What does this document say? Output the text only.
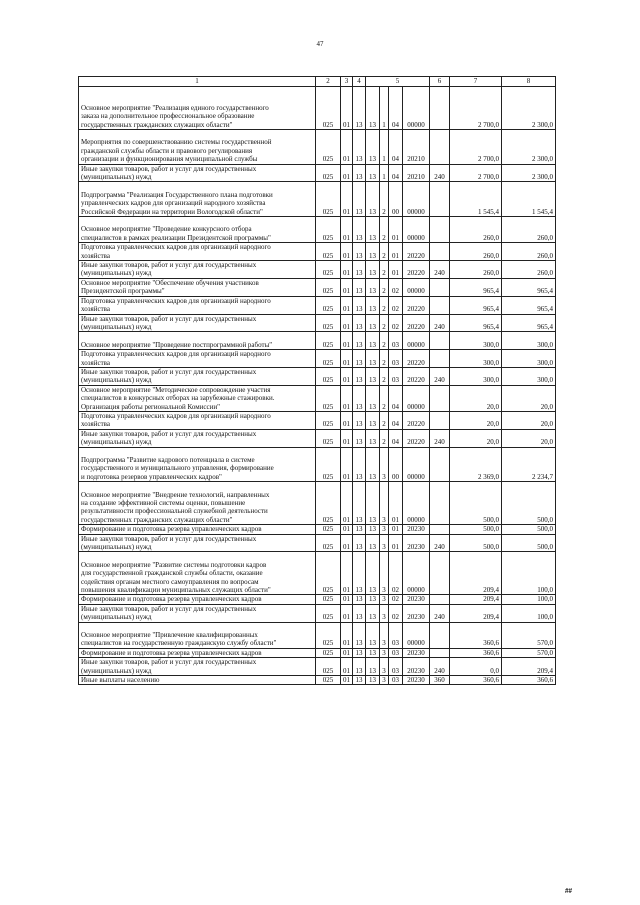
47
1	2	3	4	5				6	7	8

Основное мероприятие "Реализация единого государственного
заказа на дополнительное профессиональное образование
государственных гражданских служащих области"	025	01	13	13	1	04	00000		2 700,0	2 300,0

Мероприятия по совершенствованию системы государственной
гражданской службы области и правового регулирования
организации и функционирования муниципальной службы	025	01	13	13	1	04	20210		2 700,0	2 300,0

Иные закупки товаров, работ и услуг для государственных
(муниципальных) нужд	025	01	13	13	1	04	20210	240	2 700,0	2 300,0

Подпрограмма "Реализация Государственного плана подготовки
управленческих кадров для организаций народного хозяйства
Российской Федерации на территории Вологодской области"	025	01	13	13	2	00	00000		1 545,4	1 545,4

Основное мероприятие "Проведение конкурсного отбора
специалистов в рамках реализации Президентской программы"	025	01	13	13	2	01	00000		260,0	260,0

Подготовка управленческих кадров для организаций народного
хозяйства	025	01	13	13	2	01	20220		260,0	260,0

Иные закупки товаров, работ и услуг для государственных
(муниципальных) нужд	025	01	13	13	2	01	20220	240	260,0	260,0

Основное мероприятие "Обеспечение обучения участников
Президентской программы"	025	01	13	13	2	02	00000		965,4	965,4

Подготовка управленческих кадров для организаций народного
хозяйства	025	01	13	13	2	02	20220		965,4	965,4

Иные закупки товаров, работ и услуг для государственных
(муниципальных) нужд	025	01	13	13	2	02	20220	240	965,4	965,4

Основное мероприятие "Проведение постпрограммной работы"	025	01	13	13	2	03	00000		300,0	300,0

Подготовка управленческих кадров для организаций народного
хозяйства	025	01	13	13	2	03	20220		300,0	300,0

Иные закупки товаров, работ и услуг для государственных
(муниципальных) нужд	025	01	13	13	2	03	20220	240	300,0	300,0

Основное мероприятие "Методическое сопровождение участия
специалистов в конкурсных отборах на зарубежные стажировки.
Организация работы региональной Комиссии"	025	01	13	13	2	04	00000		20,0	20,0

Подготовка управленческих кадров для организаций народного
хозяйства	025	01	13	13	2	04	20220		20,0	20,0

Иные закупки товаров, работ и услуг для государственных
(муниципальных) нужд	025	01	13	13	2	04	20220	240	20,0	20,0

Подпрограмма "Развитие кадрового потенциала в системе
государственного и муниципального управления, формирование
и подготовка резервов управленческих кадров"	025	01	13	13	3	00	00000		2 369,0	2 234,7

Основное мероприятие "Внедрение технологий, направленных
на создание эффективной системы оценки, повышение
результативности профессиональной служебной деятельности
государственных гражданских служащих области"	025	01	13	13	3	01	00000		500,0	500,0

Формирование и подготовка резерва управленческих кадров	025	01	13	13	3	01	20230		500,0	500,0

Иные закупки товаров, работ и услуг для государственных
(муниципальных) нужд	025	01	13	13	3	01	20230	240	500,0	500,0

Основное мероприятие "Развитие системы подготовки кадров
для государственной гражданской службы области, оказание
содействия органам местного самоуправления по вопросам
повышения квалификации муниципальных служащих области"	025	01	13	13	3	02	00000		209,4	100,0

Формирование и подготовка резерва управленческих кадров	025	01	13	13	3	02	20230		209,4	100,0

Иные закупки товаров, работ и услуг для государственных
(муниципальных) нужд	025	01	13	13	3	02	20230	240	209,4	100,0

Основное мероприятие "Привлечение квалифицированных
специалистов на государственную гражданскую службу области"	025	01	13	13	3	03	00000		360,6	570,0

Формирование и подготовка резерва управленческих кадров	025	01	13	13	3	03	20230		360,6	570,0

Иные закупки товаров, работ и услуг для государственных
(муниципальных) нужд	025	01	13	13	3	03	20230	240	0,0	209,4

Иные выплаты населению	025	01	13	13	3	03	20230	360	360,6	360,6
##
